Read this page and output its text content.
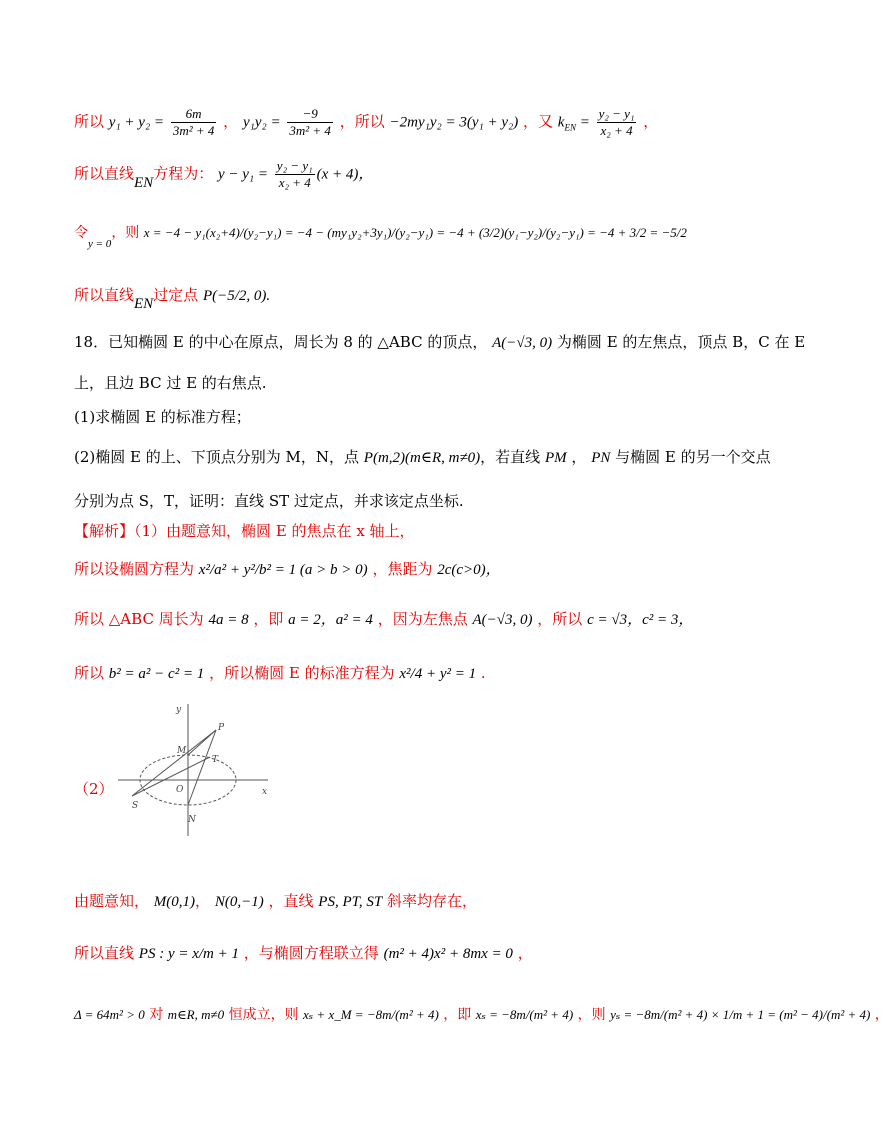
所以 $y_1 + y_2 = \frac{6m}{\text{3m² + 4}}$ ， $y_1y_2 = \frac{-9}{\text{3m² + 4}}$ ，所以 −2my₁y₂ = 3(y₁ + y₂) ，又 $k_{EN} = \frac{\text{y₂ − y₁}}{\text{x₂ + 4}}$ ，
所以直线EN方程为： $y - y_1 = \frac{\text{y₂ − y₁}}{\text{x₂ + 4}} (x + 4)$，
令$_{y = 0}$，则 x = −4 − y₁(x₂+4)/(y₂−y₁) = −4 − (my₁y₂+3y₁)/(y₂−y₁) = −4 + (3/2)(y₁−y₂)/(y₂−y₁) = −4 + 3/2 = −5/2
所以直线EN过定点 P(−5/2, 0).
18．已知椭圆 E 的中心在原点，周长为 8 的 △ABC 的顶点， A(−√3, 0) 为椭圆 E 的左焦点，顶点 B，C 在 E
上，且边 BC 过 E 的右焦点.
(1)求椭圆 E 的标准方程；
(2)椭圆 E 的上、下顶点分别为 M，N，点 P(m,2)(m∈R, m≠0)，若直线 PM ， PN 与椭圆 E 的另一个交点
分别为点 S，T，证明：直线 ST 过定点，并求该定点坐标.
【解析】（1）由题意知，椭圆 E 的焦点在 x 轴上，
所以设椭圆方程为 x²/a² + y²/b² = 1 (a > b > 0) ，焦距为 2c(c>0)，
所以 △ABC 周长为 4a = 8 ，即 a = 2，a² = 4 ，因为左焦点 A(−√3, 0) ，所以 c = √3，c² = 3，
所以 b² = a² − c² = 1 ，所以椭圆 E 的标准方程为 x²/4 + y² = 1 .
（2）
y
x
P
M
T
O
S
N
由题意知， M(0,1)， N(0,−1) ，直线 PS, PT, ST 斜率均存在，
所以直线 PS : y = x/m + 1 ，与椭圆方程联立得 (m² + 4)x² + 8mx = 0 ，
Δ = 64m² > 0 对 m∈R, m≠0 恒成立，则 xₛ + x_M = −8m/(m² + 4) ，即 xₛ = −8m/(m² + 4) ，则 yₛ = −8m/(m² + 4) × 1/m + 1 = (m² − 4)/(m² + 4) ，
